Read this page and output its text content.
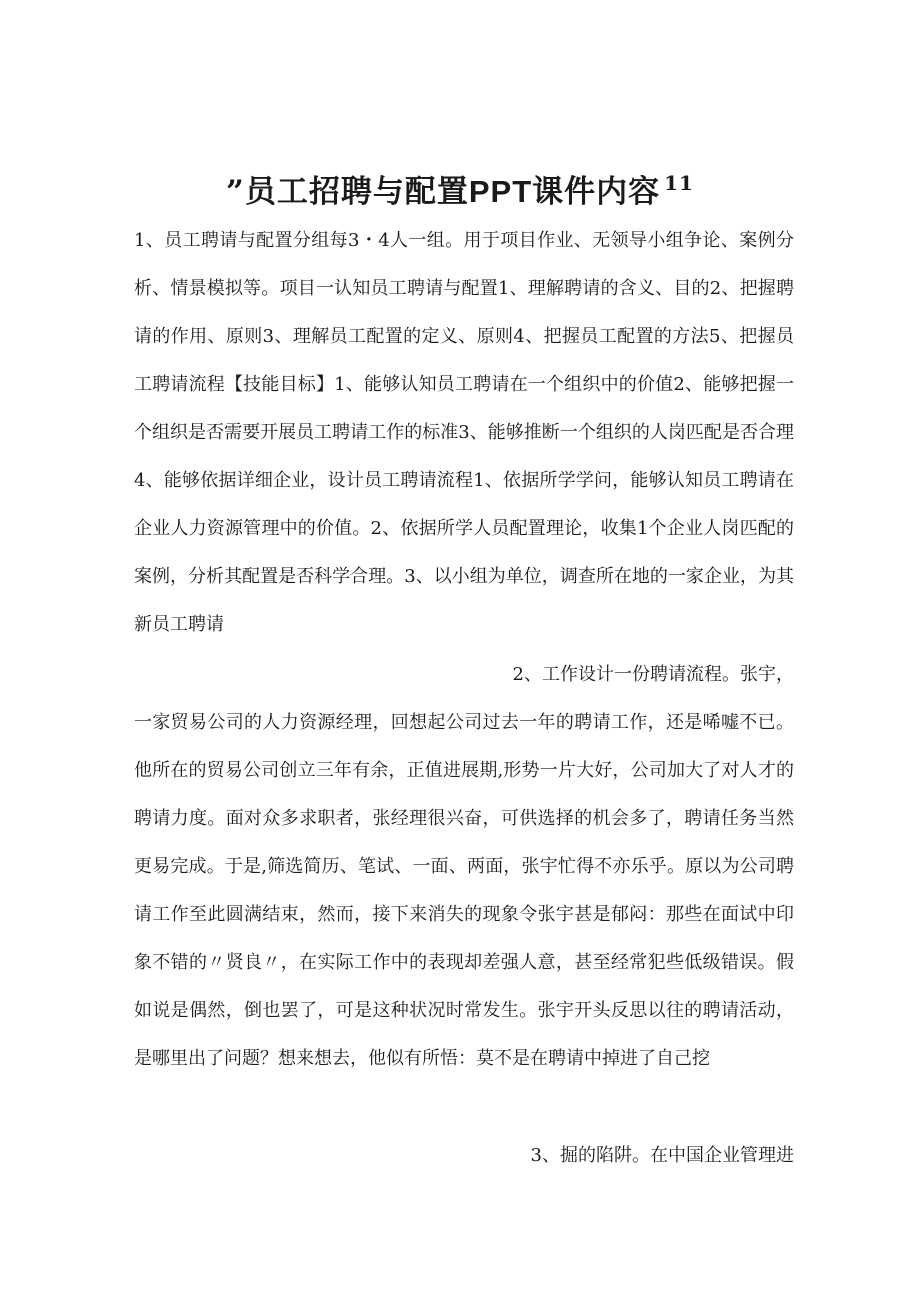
”员工招聘与配置PPT课件内容 $^{11}$

1、员工聘请与配置分组每3・4人一组。用于项目作业、无领导小组争论、案例分析、情景模拟等。项目一认知员工聘请与配置1、理解聘请的含义、目的2、把握聘请的作用、原则3、理解员工配置的定义、原则4、把握员工配置的方法5、把握员工聘请流程【技能目标】1、能够认知员工聘请在一个组织中的价值2、能够把握一个组织是否需要开展员工聘请工作的标准3、能够推断一个组织的人岗匹配是否合理4、能够依据详细企业，设计员工聘请流程1、依据所学学问，能够认知员工聘请在企业人力资源管理中的价值。2、依据所学人员配置理论，收集1个企业人岗匹配的案例，分析其配置是否科学合理。3、以小组为单位，调查所在地的一家企业，为其新员工聘请

2、工作设计一份聘请流程。张宇，
一家贸易公司的人力资源经理，回想起公司过去一年的聘请工作，还是唏嘘不已。他所在的贸易公司创立三年有余，正值进展期,形势一片大好，公司加大了对人才的聘请力度。面对众多求职者，张经理很兴奋，可供选择的机会多了，聘请任务当然更易完成。于是,筛选简历、笔试、一面、两面，张宇忙得不亦乐乎。原以为公司聘请工作至此圆满结束，然而，接下来消失的现象令张宇甚是郁闷：那些在面试中印象不错的〃贤良〃，在实际工作中的表现却差强人意，甚至经常犯些低级错误。假如说是偶然，倒也罢了，可是这种状况时常发生。张宇开头反思以往的聘请活动，是哪里出了问题？想来想去，他似有所悟：莫不是在聘请中掉进了自己挖

3、掘的陷阱。在中国企业管理进
